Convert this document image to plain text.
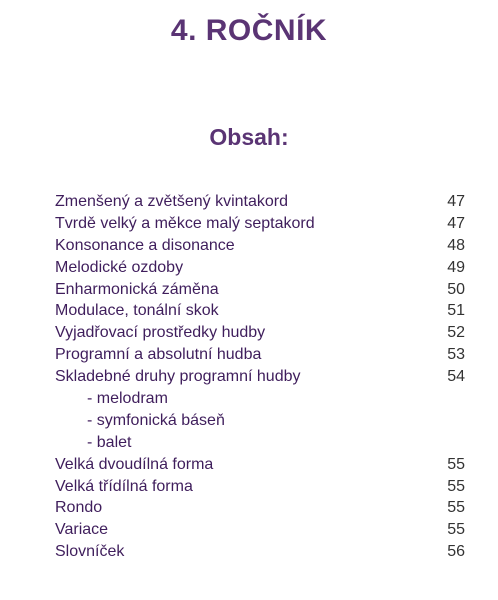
4. ROČNÍK
Obsah:
Zmenšený a zvětšený kvintakord	47
Tvrdě velký a měkce malý septakord	47
Konsonance a disonance	48
Melodické ozdoby	49
Enharmonická záměna	50
Modulace, tonální skok	51
Vyjadřovací prostředky hudby	52
Programní a absolutní hudba	53
Skladebné druhy programní hudby	54
- melodram
- symfonická báseň
- balet
Velká dvoudílná forma	55
Velká třídílná forma	55
Rondo	55
Variace	55
Slovníček	56
